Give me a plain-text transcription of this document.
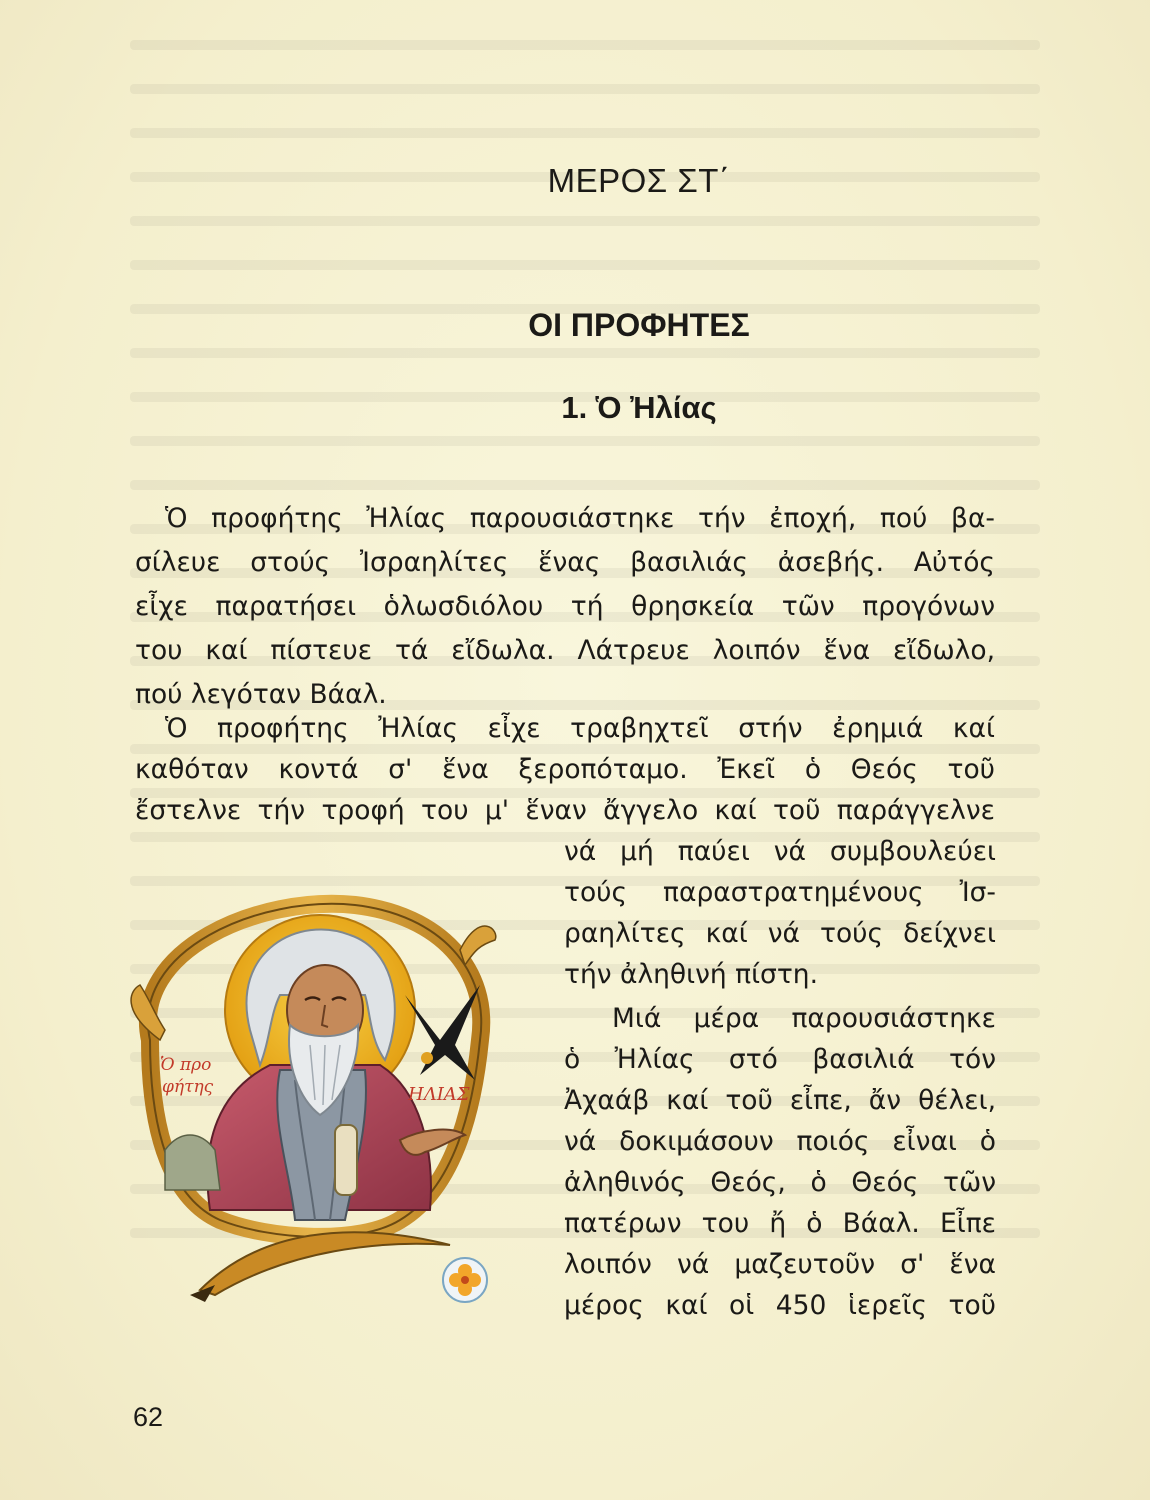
ΜΕΡΟΣ ΣΤ΄
ΟΙ ΠΡΟΦΗΤΕΣ
1. Ὁ Ἠλίας
Ὁ προφήτης Ἠλίας παρουσιάστηκε τήν ἐποχή, πού βα-
σίλευε στούς Ἰσραηλίτες ἕνας βασιλιάς ἀσεβής. Αὐτός
εἶχε παρατήσει ὁλωσδιόλου τή θρησκεία τῶν προγόνων
του καί πίστευε τά εἴδωλα. Λάτρευε λοιπόν ἕνα εἴδωλο,
πού λεγόταν Βάαλ.
Ὁ προφήτης Ἠλίας εἶχε τραβηχτεῖ στήν ἐρημιά καί
καθόταν κοντά σ' ἕνα ξεροπόταμο. Ἐκεῖ ὁ Θεός τοῦ
ἔστελνε τήν τροφή του μ' ἕναν ἄγγελο καί τοῦ παράγγελνε
νά μή παύει νά συμβουλεύει
τούς παραστρατημένους Ἰσ-
ραηλίτες καί νά τούς δείχνει
τήν ἀληθινή πίστη.
Μιά μέρα παρουσιάστηκε
ὁ Ἠλίας στό βασιλιά τόν
Ἀχαάβ καί τοῦ εἶπε, ἄν θέλει,
νά δοκιμάσουν ποιός εἶναι ὁ
ἀληθινός Θεός, ὁ Θεός τῶν
πατέρων του ἤ ὁ Βάαλ. Εἶπε
λοιπόν νά μαζευτοῦν σ' ἕνα
μέρος καί οἱ 450 ἱερεῖς τοῦ
Ὁ προ
φήτης	ΗΛΙΑΣ
62
